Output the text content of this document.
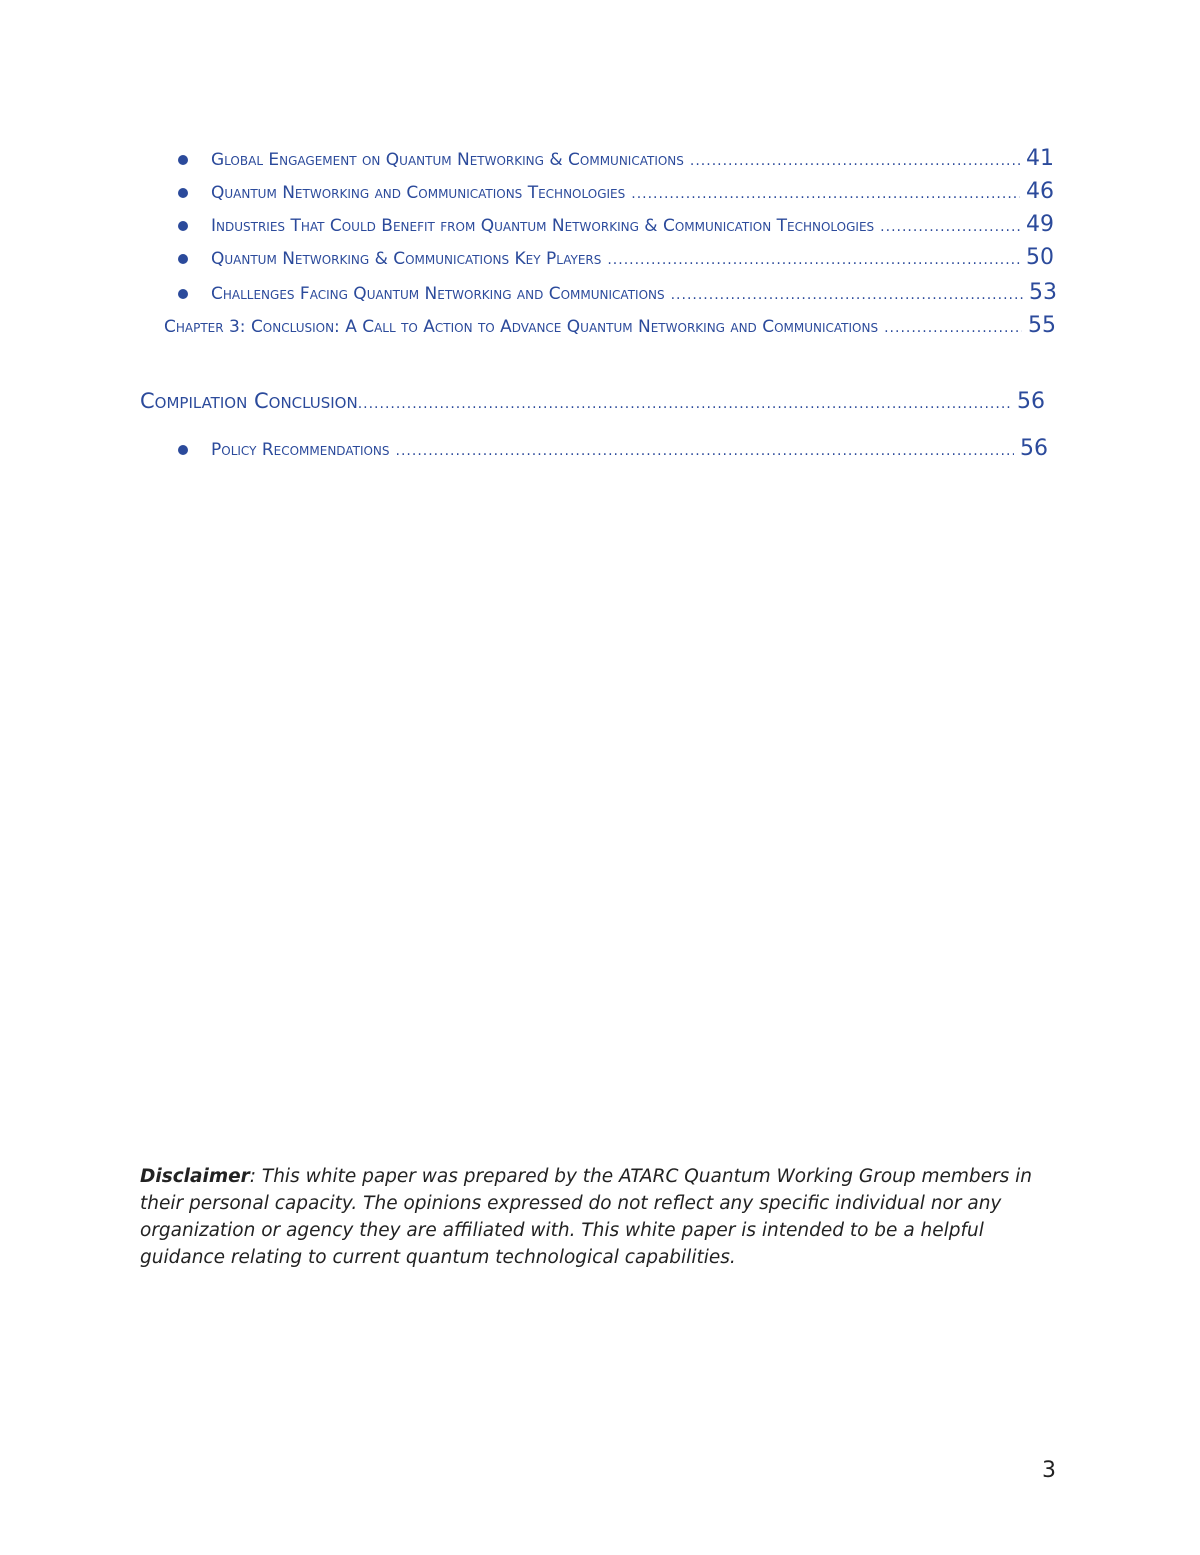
Global Engagement on Quantum Networking & Communications .....	41
Quantum Networking and Communications Technologies .....	46
Industries That Could Benefit from Quantum Networking & Communication Technologies .....	49
Quantum Networking & Communications Key Players .....	50
Challenges Facing Quantum Networking and Communications .....	53
Chapter 3: Conclusion: A Call to Action to Advance Quantum Networking and Communications .....	55
Compilation Conclusion .....	56
Policy Recommendations .....	56
Disclaimer: This white paper was prepared by the ATARC Quantum Working Group members in their personal capacity. The opinions expressed do not reflect any specific individual nor any organization or agency they are affiliated with. This white paper is intended to be a helpful guidance relating to current quantum technological capabilities.
3
